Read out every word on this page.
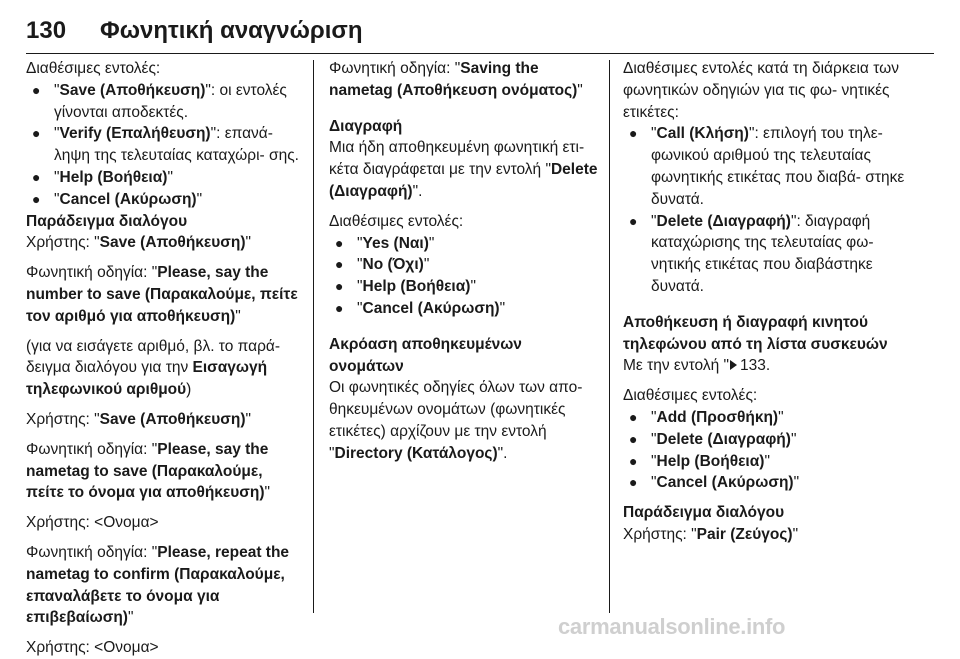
130 Φωνητική αναγνώριση

Διαθέσιμες εντολές:

● "Save (Αποθήκευση)": οι εντολές γίνονται αποδεκτές.

● "Verify (Επαλήθευση)": επανά- ληψη της τελευταίας καταχώρι- σης.

● "Help (Βοήθεια)"

● "Cancel (Ακύρωση)"

Παράδειγμα διαλόγου

Χρήστης: "Save (Αποθήκευση)"

Φωνητική οδηγία: "Please, say the number to save (Παρακαλούμε, πείτε τον αριθμό για αποθήκευση)"

(για να εισάγετε αριθμό, βλ. το παρά- δειγμα διαλόγου για την Εισαγωγή τηλεφωνικού αριθμού)

Χρήστης: "Save (Αποθήκευση)"

Φωνητική οδηγία: "Please, say the nametag to save (Παρακαλούμε, πείτε το όνομα για αποθήκευση)"

Χρήστης: <Ονομα>

Φωνητική οδηγία: "Please, repeat the nametag to confirm (Παρακαλούμε, επαναλάβετε το όνομα για επιβεβαίωση)"

Χρήστης: <Ονομα>

Φωνητική οδηγία: "Saving the nametag (Αποθήκευση ονόματος)"

Διαγραφή

Μια ήδη αποθηκευμένη φωνητική ετι- κέτα διαγράφεται με την εντολή "Delete (Διαγραφή)".

Διαθέσιμες εντολές:

● "Yes (Ναι)"

● "No (Όχι)"

● "Help (Βοήθεια)"

● "Cancel (Ακύρωση)"

Ακρόαση αποθηκευμένων ονομάτων

Οι φωνητικές οδηγίες όλων των απο- θηκευμένων ονομάτων (φωνητικές ετικέτες) αρχίζουν με την εντολή "Directory (Κατάλογος)".

Διαθέσιμες εντολές κατά τη διάρκεια των φωνητικών οδηγιών για τις φω- νητικές ετικέτες:

● "Call (Κλήση)": επιλογή του τηλε- φωνικού αριθμού της τελευταίας φωνητικής ετικέτας που διαβά- στηκε δυνατά.

● "Delete (Διαγραφή)": διαγραφή καταχώρισης της τελευταίας φω- νητικής ετικέτας που διαβάστηκε δυνατά.

Αποθήκευση ή διαγραφή κινητού τηλεφώνου από τη λίστα συσκευών

Με την εντολή " 133.

Διαθέσιμες εντολές:

● "Add (Προσθήκη)"

● "Delete (Διαγραφή)"

● "Help (Βοήθεια)"

● "Cancel (Ακύρωση)"

Παράδειγμα διαλόγου

Χρήστης: "Pair (Ζεύγος)"

carmanualsonline.info
